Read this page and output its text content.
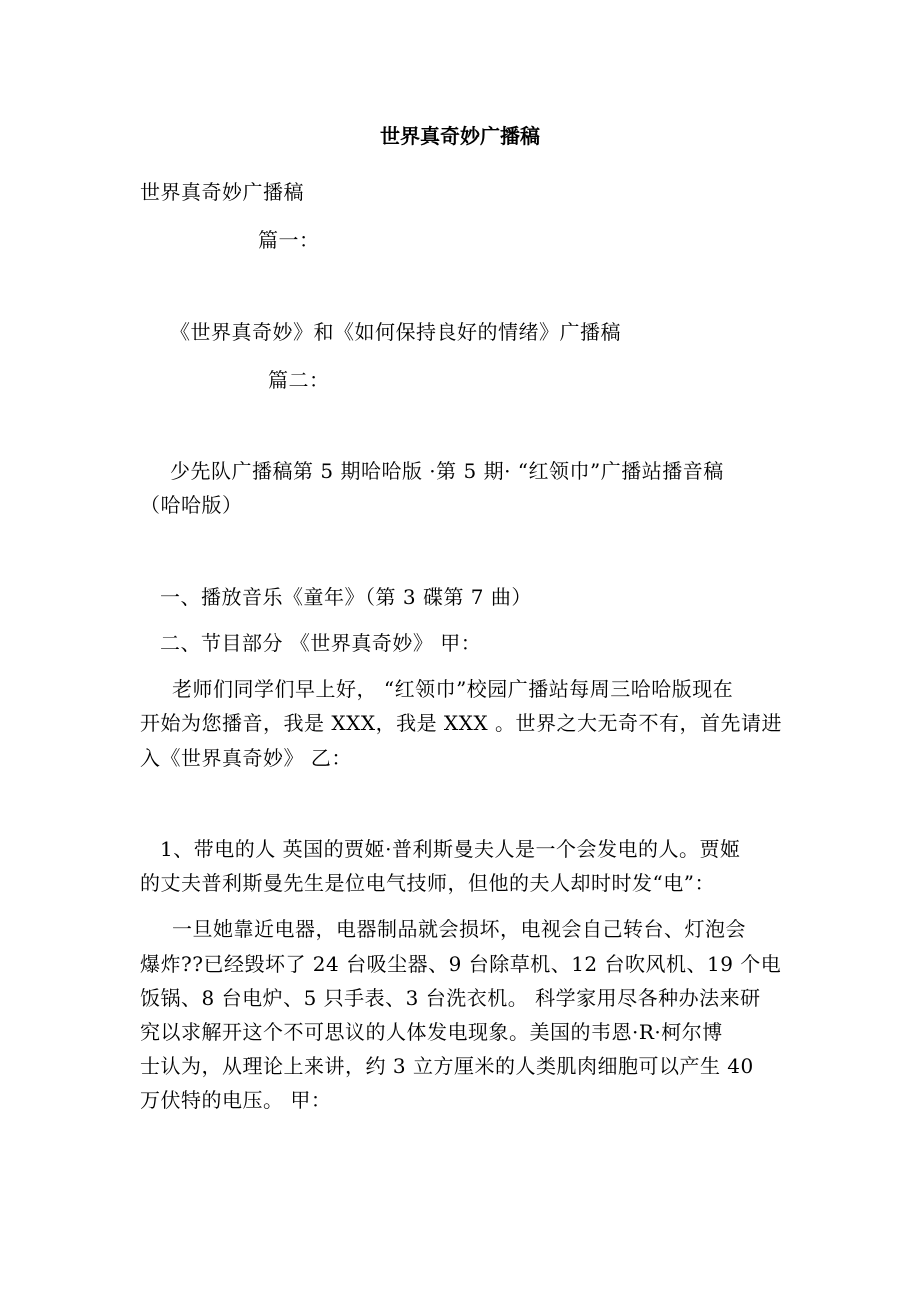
世界真奇妙广播稿
世界真奇妙广播稿
篇一：
《世界真奇妙》和《如何保持良好的情绪》广播稿
篇二：
少先队广播稿第 5 期哈哈版 ·第 5 期· “红领巾”广播站播音稿
（哈哈版）
一、播放音乐《童年》（第 3 碟第 7 曲）
二、节目部分 《世界真奇妙》 甲：
老师们同学们早上好， “红领巾”校园广播站每周三哈哈版现在
开始为您播音，我是 XXX，我是 XXX 。世界之大无奇不有，首先请进
入《世界真奇妙》 乙：
1、带电的人 英国的贾姬·普利斯曼夫人是一个会发电的人。贾姬
的丈夫普利斯曼先生是位电气技师，但他的夫人却时时发“电”：
一旦她靠近电器，电器制品就会损坏，电视会自己转台、灯泡会
爆炸??已经毁坏了 24 台吸尘器、9 台除草机、12 台吹风机、19 个电
饭锅、8 台电炉、5 只手表、3 台洗衣机。 科学家用尽各种办法来研
究以求解开这个不可思议的人体发电现象。美国的韦恩·R·柯尔博
士认为，从理论上来讲，约 3 立方厘米的人类肌肉细胞可以产生 40
万伏特的电压。 甲：
